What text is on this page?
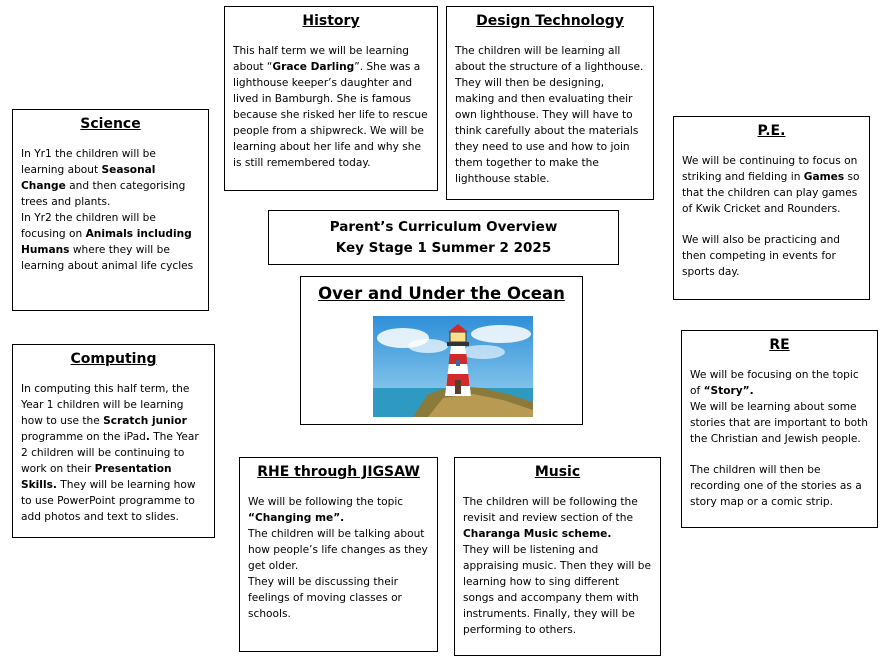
History

This half term we will be learning about “Grace Darling”. She was a lighthouse keeper’s daughter and lived in Bamburgh. She is famous because she risked her life to rescue people from a shipwreck. We will be learning about her life and why she is still remembered today.

Design Technology

The children will be learning all about the structure of a lighthouse. They will then be designing, making and then evaluating their own lighthouse. They will have to think carefully about the materials they need to use and how to join them together to make the lighthouse stable.

Science

In Yr1 the children will be learning about Seasonal Change and then categorising trees and plants.
In Yr2 the children will be focusing on Animals including Humans where they will be learning about animal life cycles

P.E.

We will be continuing to focus on striking and fielding in Games so that the children can play games of Kwik Cricket and Rounders.

We will also be practicing and then competing in events for sports day.

Parent’s Curriculum Overview
Key Stage 1 Summer 2 2025
Over and Under the Ocean
Computing

In computing this half term, the Year 1 children will be learning how to use the Scratch junior programme on the iPad. The Year 2 children will be continuing to work on their Presentation Skills. They will be learning how to use PowerPoint programme to add photos and text to slides.

RE

We will be focusing on the topic of “Story”.
We will be learning about some stories that are important to both the Christian and Jewish people.

The children will then be recording one of the stories as a story map or a comic strip.

RHE through JIGSAW

We will be following the topic “Changing me”.
The children will be talking about how people’s life changes as they get older.
They will be discussing their feelings of moving classes or schools.

Music

The children will be following the revisit and review section of the Charanga Music scheme.
They will be listening and appraising music. Then they will be learning how to sing different songs and accompany them with instruments. Finally, they will be performing to others.
